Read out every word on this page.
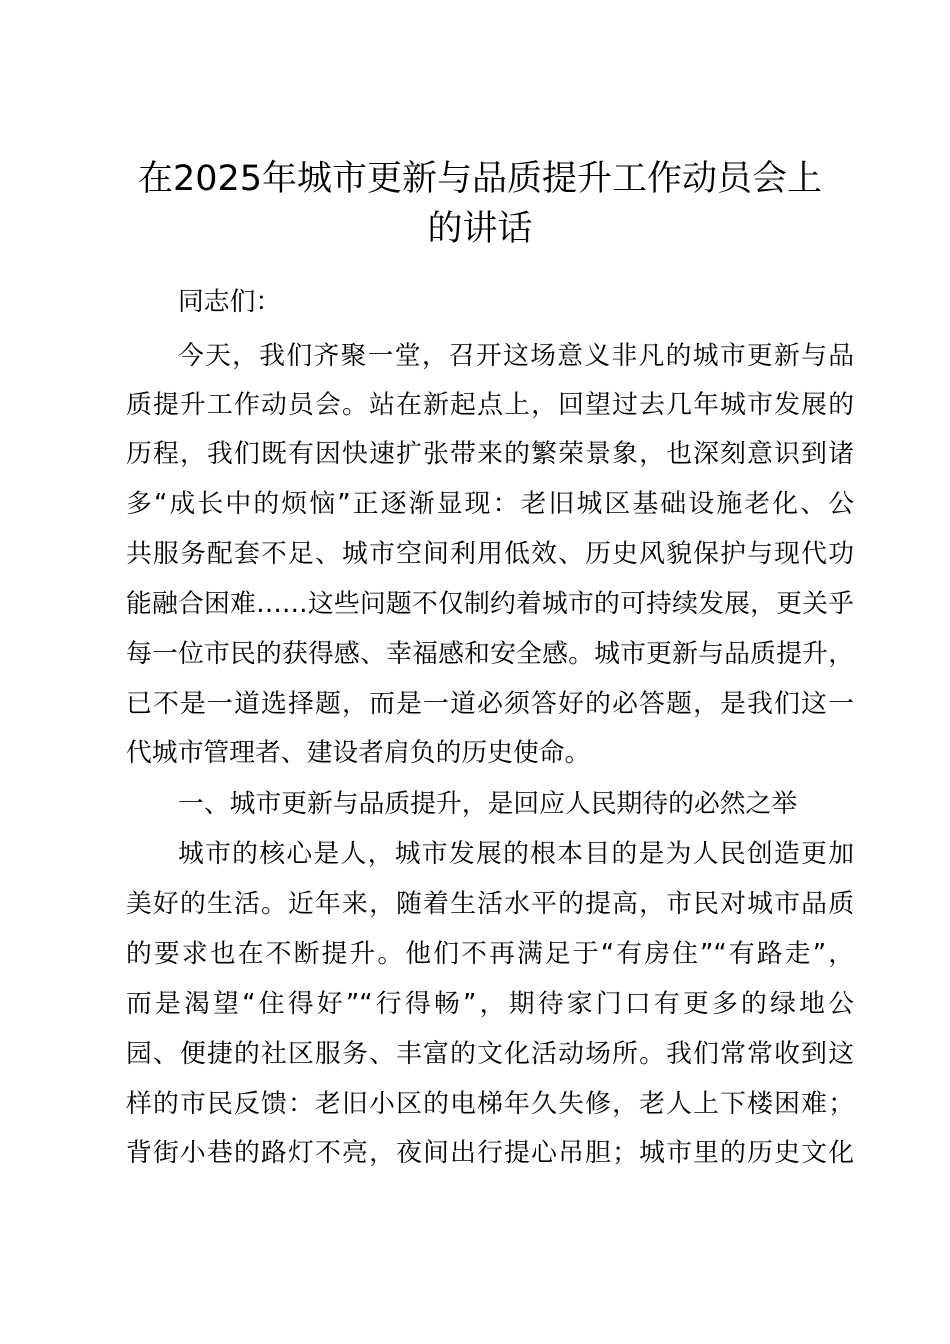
在2025年城市更新与品质提升工作动员会上
的讲话
同志们：
今天，我们齐聚一堂，召开这场意义非凡的城市更新与品
质提升工作动员会。站在新起点上，回望过去几年城市发展的
历程，我们既有因快速扩张带来的繁荣景象，也深刻意识到诸
多“成长中的烦恼”正逐渐显现：老旧城区基础设施老化、公
共服务配套不足、城市空间利用低效、历史风貌保护与现代功
能融合困难……这些问题不仅制约着城市的可持续发展，更关乎
每一位市民的获得感、幸福感和安全感。城市更新与品质提升，
已不是一道选择题，而是一道必须答好的必答题，是我们这一
代城市管理者、建设者肩负的历史使命。
一、城市更新与品质提升，是回应人民期待的必然之举
城市的核心是人，城市发展的根本目的是为人民创造更加
美好的生活。近年来，随着生活水平的提高，市民对城市品质
的要求也在不断提升。他们不再满足于“有房住”“有路走”，
而是渴望“住得好”“行得畅”，期待家门口有更多的绿地公
园、便捷的社区服务、丰富的文化活动场所。我们常常收到这
样的市民反馈：老旧小区的电梯年久失修，老人上下楼困难；
背街小巷的路灯不亮，夜间出行提心吊胆；城市里的历史文化
